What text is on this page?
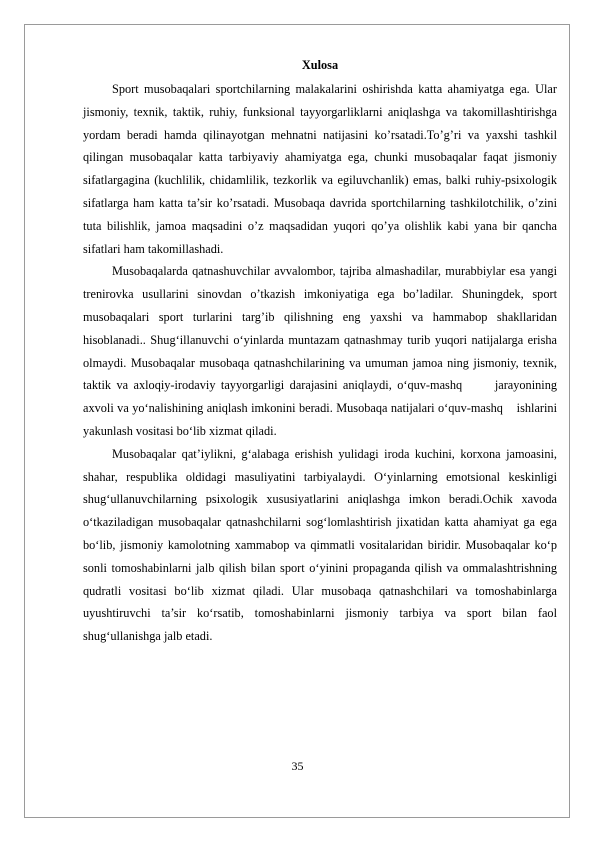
Xulosa

Sport musobaqalari sportchilarning malakalarini oshirishda katta ahamiyatga ega. Ular jismoniy, texnik, taktik, ruhiy, funksional tayyorgarliklarni aniqlashga va takomillashtirishga yordam beradi hamda qilinayotgan mehnatni natijasini ko’rsatadi.To’g’ri va yaxshi tashkil qilingan musobaqalar katta tarbiyaviy ahamiyatga ega, chunki musobaqalar faqat jismoniy sifatlargagina (kuchlilik, chidamlilik, tezkorlik va egiluvchanlik) emas, balki ruhiy-psixologik sifatlarga ham katta ta’sir ko’rsatadi. Musobaqa davrida sportchilarning tashkilotchilik, o’zini tuta bilishlik, jamoa maqsadini o’z maqsadidan yuqori qo’ya olishlik kabi yana bir qancha sifatlari ham takomillashadi.

Musobaqalarda qatnashuvchilar avvalombor, tajriba almashadilar, murabbiylar esa yangi trenirovka usullarini sinovdan o’tkazish imkoniyatiga ega bo’ladilar. Shuningdek, sport musobaqalari sport turlarini targ’ib qilishning eng yaxshi va hammabop shakllaridan hisoblanadi.. Shug‘illanuvchi o‘yinlarda muntazam qatnashmay turib yuqori natijalarga erisha olmaydi. Musobaqalar musobaqa qatnashchilarining va umuman jamoa ning jismoniy, texnik, taktik va axloqiy-irodaviy tayyorgarligi darajasini aniqlaydi, o‘quv-mashq      jarayonining axvoli va yo‘nalishining aniqlash imkonini beradi. Musobaqa natijalari o‘quv-mashq    ishlarini yakunlash vositasi bo‘lib xizmat qiladi.

Musobaqalar qat’iylikni, g‘alabaga erishish yulidagi iroda kuchini, korxona jamoasini, shahar, respublika oldidagi masuliyatini tarbiyalaydi. O‘yinlarning emotsional keskinligi shug‘ullanuvchilarning psixologik xususiyatlarini aniqlashga imkon beradi.Ochik xavoda o‘tkaziladigan musobaqalar qatnashchilarni sog‘lomlashtirish jixatidan katta ahamiyat ga ega bo‘lib, jismoniy kamolotning xammabop va qimmatli vositalaridan biridir. Musobaqalar ko‘p sonli tomoshabinlarni jalb qilish bilan sport o‘yinini propaganda qilish va ommalashtrishning qudratli vositasi bo‘lib xizmat qiladi. Ular musobaqa qatnashchilari va tomoshabinlarga uyushtiruvchi ta’sir ko‘rsatib, tomoshabinlarni jismoniy tarbiya va sport bilan faol shug‘ullanishga jalb etadi.

35
